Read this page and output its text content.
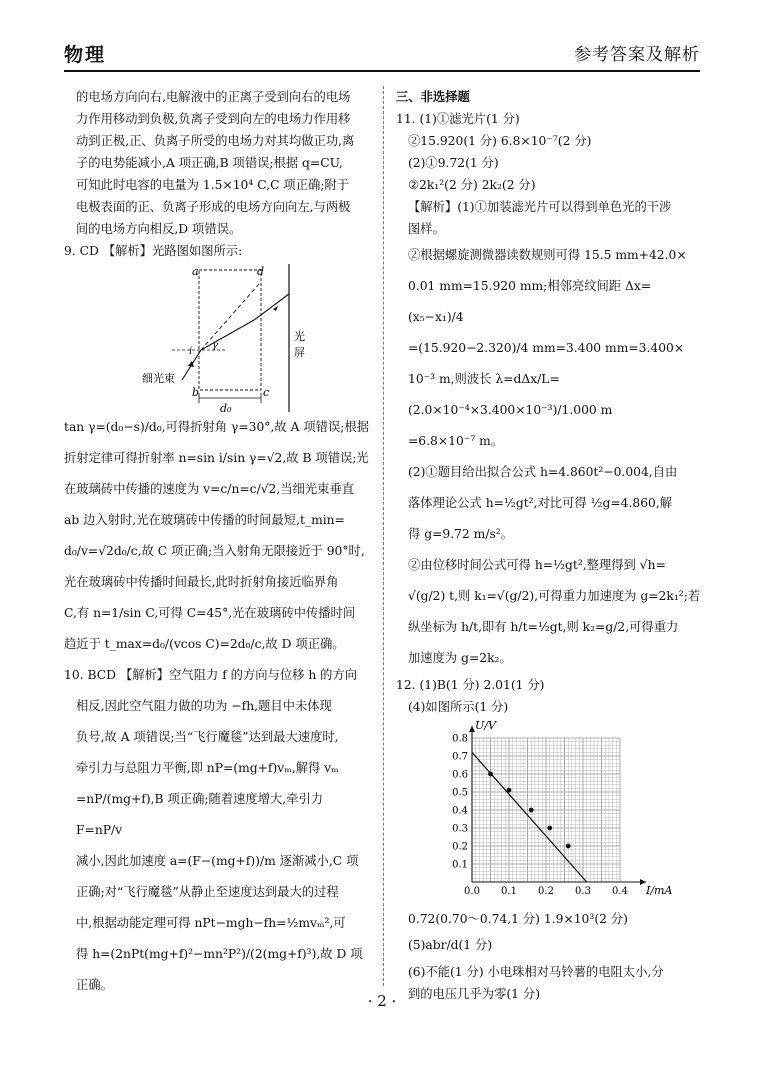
物理	参考答案及解析

的电场方向向右,电解液中的正离子受到向右的电场

力作用移动到负极,负离子受到向左的电场力作用移

动到正极,正、负离子所受的电场力对其均做正功,离

子的电势能减小,A 项正确,B 项错误;根据 q=CU,

可知此时电容的电量为 1.5×10⁴ C,C 项正确;附于

电极表面的正、负离子形成的电场方向向左,与两极

间的电场方向相反,D 项错误。

9. CD 【解析】光路图如图所示:

a	d
b	c
d₀
i
γ
细光束
光
屏

tan γ=(d₀−s)/d₀,可得折射角 γ=30°,故 A 项错误;根据

折射定律可得折射率 n=sin i/sin γ=√2,故 B 项错误;光

在玻璃砖中传播的速度为 v=c/n=c/√2,当细光束垂直

ab 边入射时,光在玻璃砖中传播的时间最短,t_min=

d₀/v=√2d₀/c,故 C 项正确;当入射角无限接近于 90°时,

光在玻璃砖中传播时间最长,此时折射角接近临界角

C,有 n=1/sin C,可得 C=45°,光在玻璃砖中传播时间

趋近于 t_max=d₀/(vcos C)=2d₀/c,故 D 项正确。

10. BCD 【解析】空气阻力 f 的方向与位移 h 的方向

相反,因此空气阻力做的功为 −fh,题目中未体现

负号,故 A 项错误;当“飞行魔毯”达到最大速度时,

牵引力与总阻力平衡,即 nP=(mg+f)vₘ,解得 vₘ

=nP/(mg+f),B 项正确;随着速度增大,牵引力 F=nP/v

减小,因此加速度 a=(F−(mg+f))/m 逐渐减小,C 项

正确;对“飞行魔毯”从静止至速度达到最大的过程

中,根据动能定理可得 nPt−mgh−fh=½mvₘ²,可

得 h=(2nPt(mg+f)²−mn²P²)/(2(mg+f)³),故 D 项正确。

三、非选择题

11. (1)①滤光片(1 分)

②15.920(1 分) 6.8×10⁻⁷(2 分)

(2)①9.72(1 分)

②2k₁²(2 分) 2k₂(2 分)

【解析】(1)①加装滤光片可以得到单色光的干涉

图样。

②根据螺旋测微器读数规则可得 15.5 mm+42.0×

0.01 mm=15.920 mm;相邻亮纹间距 Δx=(x₅−x₁)/4

=(15.920−2.320)/4 mm=3.400 mm=3.400×

10⁻³ m,则波长 λ=dΔx/L=(2.0×10⁻⁴×3.400×10⁻³)/1.000 m

=6.8×10⁻⁷ m。

(2)①题目给出拟合公式 h=4.860t²−0.004,自由

落体理论公式 h=½gt²,对比可得 ½g=4.860,解

得 g=9.72 m/s²。

②由位移时间公式可得 h=½gt²,整理得到 √h=

√(g/2) t,则 k₁=√(g/2),可得重力加速度为 g=2k₁²;若

纵坐标为 h/t,即有 h/t=½gt,则 k₂=g/2,可得重力

加速度为 g=2k₂。

12. (1)B(1 分) 2.01(1 分)

(4)如图所示(1 分)

0.0 0.1 0.2 0.3 0.4
0.1
0.2
0.3
0.4
0.5
0.6
0.7
0.8
U/V
I/mA

0.72(0.70～0.74,1 分) 1.9×10³(2 分)

(5)abr/d(1 分)

(6)不能(1 分) 小电珠相对马铃薯的电阻太小,分

到的电压几乎为零(1 分)

· 2 ·
